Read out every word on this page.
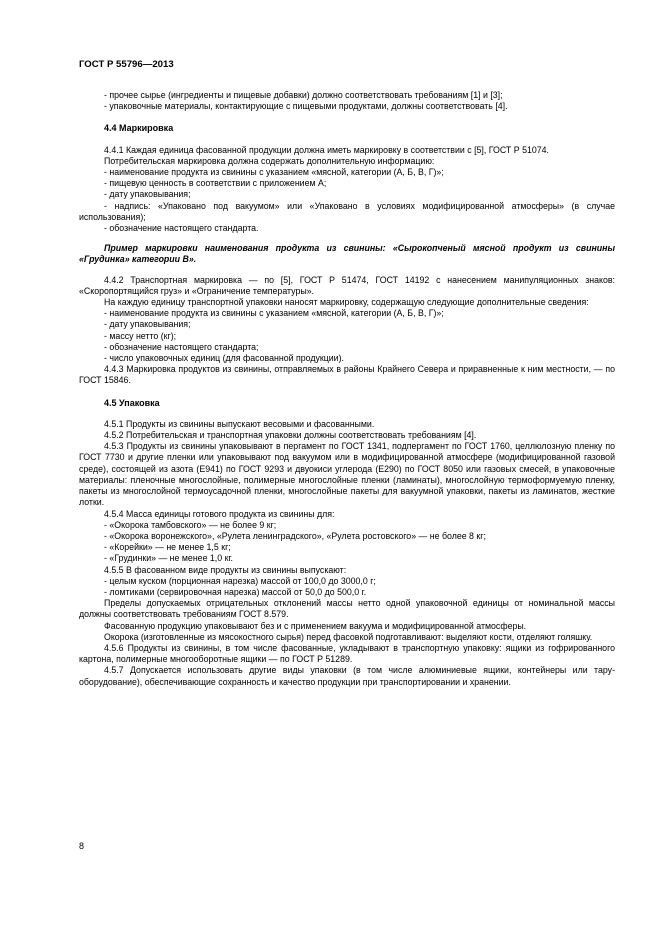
ГОСТ Р 55796—2013

- прочее сырье (ингредиенты и пищевые добавки) должно соответствовать требованиям [1] и [3];

- упаковочные материалы, контактирующие с пищевыми продуктами, должны соответствовать [4].

4.4 Маркировка

4.4.1 Каждая единица фасованной продукции должна иметь маркировку в соответствии с [5], ГОСТ Р 51074.

Потребительская маркировка должна содержать дополнительную информацию:

- наименование продукта из свинины с указанием «мясной, категории (А, Б, В, Г)»;

- пищевую ценность в соответствии с приложением А;

- дату упаковывания;

- надпись: «Упаковано под вакуумом» или «Упаковано в условиях модифицированной атмосферы» (в случае использования);

- обозначение настоящего стандарта.

Пример маркировки наименования продукта из свинины: «Сырокопченый мясной продукт из свинины «Грудинка» категории В».

4.4.2 Транспортная маркировка — по [5], ГОСТ Р 51474, ГОСТ 14192 с нанесением манипуляционных знаков: «Скоропортящийся груз» и «Ограничение температуры».

На каждую единицу транспортной упаковки наносят маркировку, содержащую следующие дополнительные сведения:

- наименование продукта из свинины с указанием «мясной, категории (А, Б, В, Г)»;

- дату упаковывания;

- массу нетто (кг);

- обозначение настоящего стандарта;

- число упаковочных единиц (для фасованной продукции).

4.4.3 Маркировка продуктов из свинины, отправляемых в районы Крайнего Севера и приравненные к ним местности, — по ГОСТ 15846.

4.5 Упаковка

4.5.1 Продукты из свинины выпускают весовыми и фасованными.

4.5.2 Потребительская и транспортная упаковки должны соответствовать требованиям [4].

4.5.3 Продукты из свинины упаковывают в пергамент по ГОСТ 1341, подпергамент по ГОСТ 1760, целлюлозную пленку по ГОСТ 7730 и другие пленки или упаковывают под вакуумом или в модифицированной атмосфере (модифицированной газовой среде), состоящей из азота (Е941) по ГОСТ 9293 и двуокиси углерода (Е290) по ГОСТ 8050 или газовых смесей, в упаковочные материалы: пленочные многослойные, полимерные многослойные пленки (ламинаты), многослойную термоформуемую пленку, пакеты из многослойной термоусадочной пленки, многослойные пакеты для вакуумной упаковки, пакеты из ламинатов, жесткие лотки.

4.5.4 Масса единицы готового продукта из свинины для:

- «Окорока тамбовского» — не более 9 кг;

- «Окорока воронежского», «Рулета ленинградского», «Рулета ростовского» — не более 8 кг;

- «Корейки» — не менее 1,5 кг;

- «Грудинки» — не менее 1,0 кг.

4.5.5 В фасованном виде продукты из свинины выпускают:

- целым куском (порционная нарезка) массой от 100,0 до 3000,0 г;

- ломтиками (сервировочная нарезка) массой от 50,0 до 500,0 г.

Пределы допускаемых отрицательных отклонений массы нетто одной упаковочной единицы от номинальной массы должны соответствовать требованиям ГОСТ 8.579.

Фасованную продукцию упаковывают без и с применением вакуума и модифицированной атмосферы.

Окорока (изготовленные из мясокостного сырья) перед фасовкой подготавливают: выделяют кости, отделяют голяшку.

4.5.6 Продукты из свинины, в том числе фасованные, укладывают в транспортную упаковку: ящики из гофрированного картона, полимерные многооборотные ящики — по ГОСТ Р 51289.

4.5.7 Допускается использовать другие виды упаковки (в том числе алюминиевые ящики, контейнеры или тару-оборудование), обеспечивающие сохранность и качество продукции при транспортировании и хранении.

8
